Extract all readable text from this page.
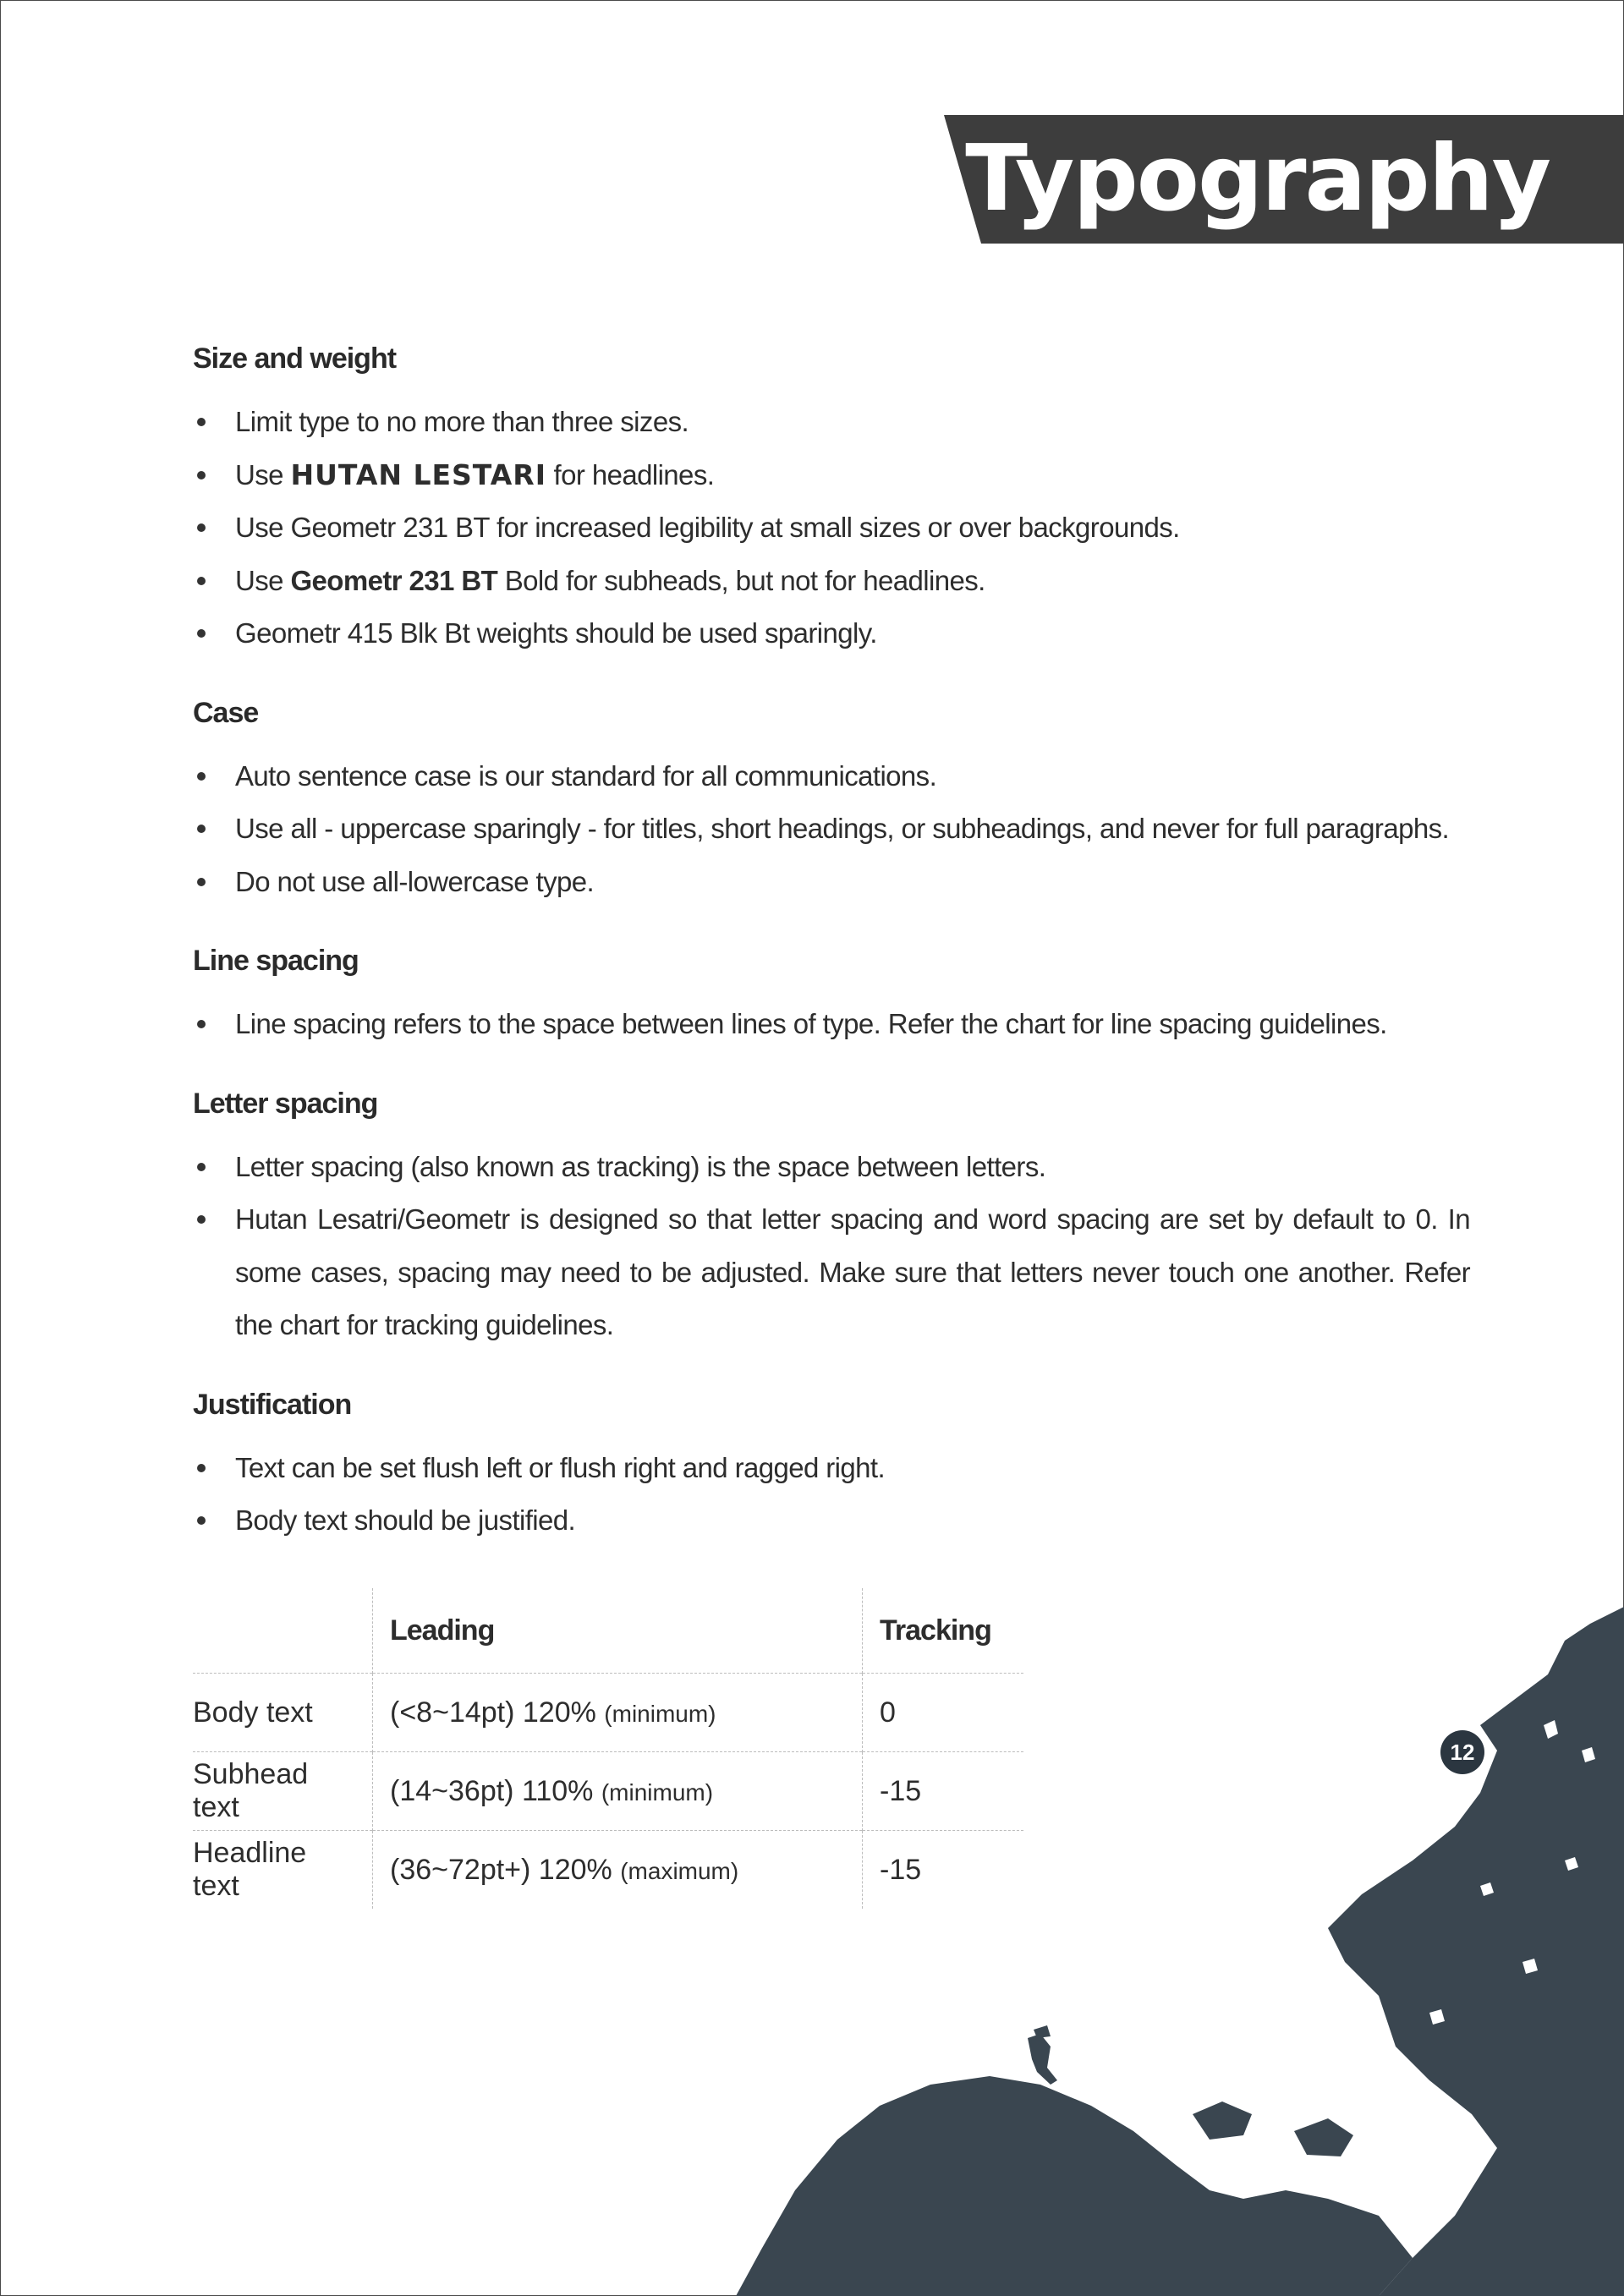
Typography
Size and weight
Limit type to no more than three sizes.
Use HUTAN LESTARI for headlines.
Use Geometr 231 BT for increased legibility at small sizes or over backgrounds.
Use Geometr 231 BT Bold for subheads, but not for headlines.
Geometr 415 Blk Bt weights should be used sparingly.
Case
Auto sentence case is our standard for all communications.
Use all - uppercase sparingly - for titles, short headings, or subheadings, and never for full paragraphs.
Do not use all-lowercase type.
Line spacing
Line spacing refers to the space between lines of type. Refer the chart for line spacing guidelines.
Letter spacing
Letter spacing (also known as tracking) is the space between letters.
Hutan Lesatri/Geometr is designed so that letter spacing and word spacing are set by default to 0. In some cases, spacing may need to be adjusted. Make sure that letters never touch one another. Refer the chart for tracking guidelines.
Justification
Text can be set flush left or flush right and ragged right.
Body text should be justified.
	Leading	Tracking
Body text	(<8~14pt) 120% (minimum)	0
Subhead text	(14~36pt) 110% (minimum)	-15
Headline text	(36~72pt+) 120% (maximum)	-15
12
